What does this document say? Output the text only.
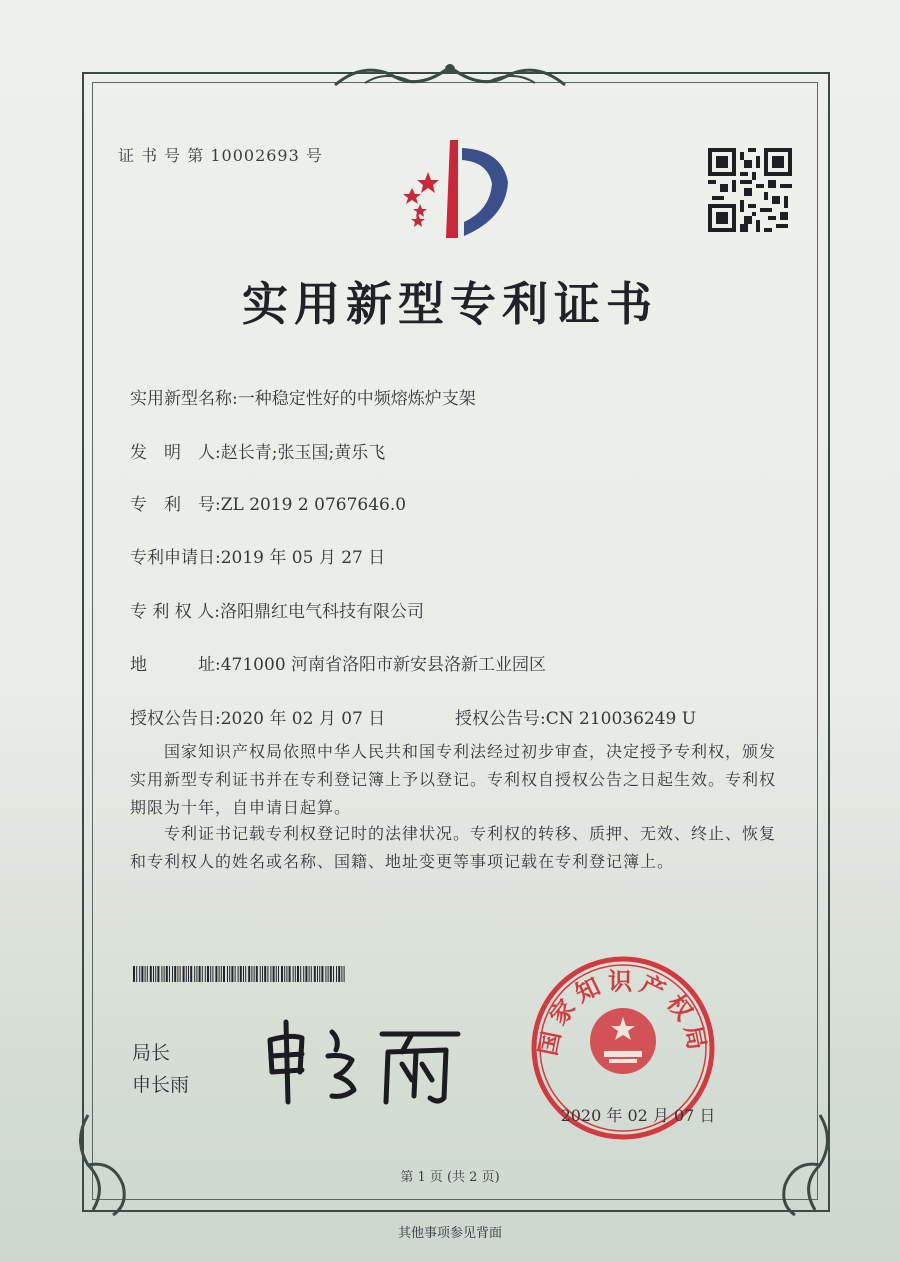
证 书 号 第 10002693 号
实用新型专利证书
实用新型名称:一种稳定性好的中频熔炼炉支架
发　明　人:赵长青;张玉国;黄乐飞
专　利　号:ZL 2019 2 0767646.0
专利申请日:2019 年 05 月 27 日
专 利 权 人:洛阳鼎红电气科技有限公司
地　　　址:471000 河南省洛阳市新安县洛新工业园区
授权公告日:2020 年 02 月 07 日	授权公告号:CN 210036249 U
国家知识产权局依照中华人民共和国专利法经过初步审查，决定授予专利权，颁发实用新型专利证书并在专利登记簿上予以登记。专利权自授权公告之日起生效。专利权期限为十年，自申请日起算。
专利证书记载专利权登记时的法律状况。专利权的转移、质押、无效、终止、恢复和专利权人的姓名或名称、国籍、地址变更等事项记载在专利登记簿上。
局长
申长雨
国家知识产权局
2020 年 02 月 07 日
第 1 页 (共 2 页)
其他事项参见背面
